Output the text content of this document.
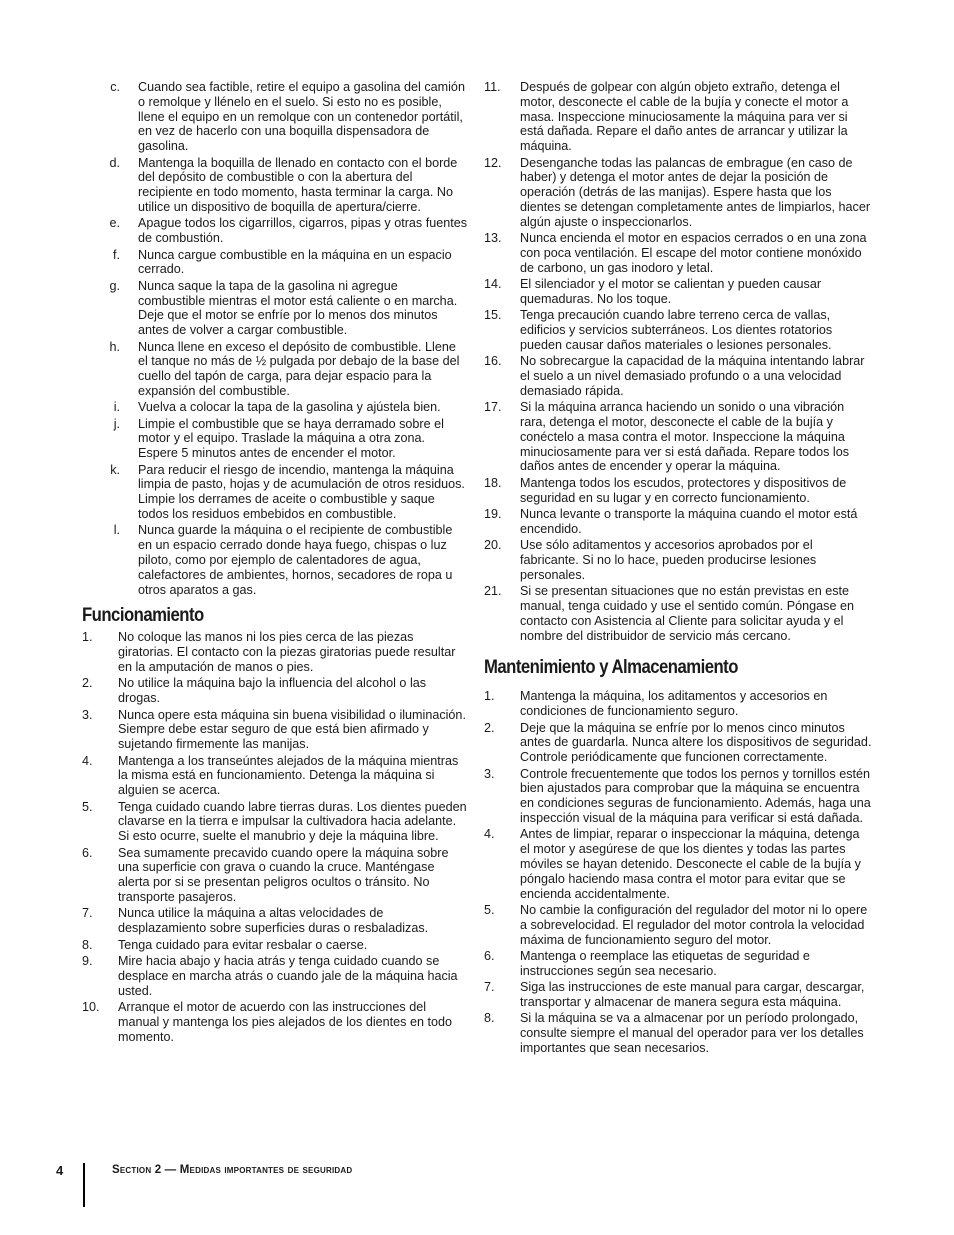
c.	Cuando sea factible, retire el equipo a gasolina del camión o remolque y llénelo en el suelo. Si esto no es posible, llene el equipo en un remolque con un contenedor portátil, en vez de hacerlo con una boquilla dispensadora de gasolina.
d.	Mantenga la boquilla de llenado en contacto con el borde del depósito de combustible o con la abertura del recipiente en todo momento, hasta terminar la carga. No utilice un dispositivo de boquilla de apertura/cierre.
e.	Apague todos los cigarrillos, cigarros, pipas y otras fuentes de combustión.
f.	Nunca cargue combustible en la máquina en un espacio cerrado.
g.	Nunca saque la tapa de la gasolina ni agregue combustible mientras el motor está caliente o en marcha. Deje que el motor se enfríe por lo menos dos minutos antes de volver a cargar combustible.
h.	Nunca llene en exceso el depósito de combustible. Llene el tanque no más de ½ pulgada por debajo de la base del cuello del tapón de carga, para dejar espacio para la expansión del combustible.
i.	Vuelva a colocar la tapa de la gasolina y ajústela bien.
j.	Limpie el combustible que se haya derramado sobre el motor y el equipo. Traslade la máquina a otra zona. Espere 5 minutos antes de encender el motor.
k.	Para reducir el riesgo de incendio, mantenga la máquina limpia de pasto, hojas y de acumulación de otros residuos. Limpie los derrames de aceite o combustible y saque todos los residuos embebidos en combustible.
l.	Nunca guarde la máquina o el recipiente de combustible en un espacio cerrado donde haya fuego, chispas o luz piloto, como por ejemplo de calentadores de agua, calefactores de ambientes, hornos, secadores de ropa u otros aparatos a gas.
Funcionamiento
1.	No coloque las manos ni los pies cerca de las piezas giratorias. El contacto con la piezas giratorias puede resultar en la amputación de manos o pies.
2.	No utilice la máquina bajo la influencia del alcohol o las drogas.
3.	Nunca opere esta máquina sin buena visibilidad o iluminación. Siempre debe estar seguro de que está bien afirmado y sujetando firmemente las manijas.
4.	Mantenga a los transeúntes alejados de la máquina mientras la misma está en funcionamiento. Detenga la máquina si alguien se acerca.
5.	Tenga cuidado cuando labre tierras duras. Los dientes pueden clavarse en la tierra e impulsar la cultivadora hacia adelante. Si esto ocurre, suelte el manubrio y deje la máquina libre.
6.	Sea sumamente precavido cuando opere la máquina sobre una superficie con grava o cuando la cruce. Manténgase alerta por si se presentan peligros ocultos o tránsito. No transporte pasajeros.
7.	Nunca utilice la máquina a altas velocidades de desplazamiento sobre superficies duras o resbaladizas.
8.	Tenga cuidado para evitar resbalar o caerse.
9.	Mire hacia abajo y hacia atrás y tenga cuidado cuando se desplace en marcha atrás o cuando jale de la máquina hacia usted.
10.	Arranque el motor de acuerdo con las instrucciones del manual y mantenga los pies alejados de los dientes en todo momento.
11.	Después de golpear con algún objeto extraño, detenga el motor, desconecte el cable de la bujía y conecte el motor a masa. Inspeccione minuciosamente la máquina para ver si está dañada. Repare el daño antes de arrancar y utilizar la máquina.
12.	Desenganche todas las palancas de embrague (en caso de haber) y detenga el motor antes de dejar la posición de operación (detrás de las manijas). Espere hasta que los dientes se detengan completamente antes de limpiarlos, hacer algún ajuste o inspeccionarlos.
13.	Nunca encienda el motor en espacios cerrados o en una zona con poca ventilación. El escape del motor contiene monóxido de carbono, un gas inodoro y letal.
14.	El silenciador y el motor se calientan y pueden causar quemaduras. No los toque.
15.	Tenga precaución cuando labre terreno cerca de vallas, edificios y servicios subterráneos. Los dientes rotatorios pueden causar daños materiales o lesiones personales.
16.	No sobrecargue la capacidad de la máquina intentando labrar el suelo a un nivel demasiado profundo o a una velocidad demasiado rápida.
17.	Si la máquina arranca haciendo un sonido o una vibración rara, detenga el motor, desconecte el cable de la bujía y conéctelo a masa contra el motor. Inspeccione la máquina minuciosamente para ver si está dañada. Repare todos los daños antes de encender y operar la máquina.
18.	Mantenga todos los escudos, protectores y dispositivos de seguridad en su lugar y en correcto funcionamiento.
19.	Nunca levante o transporte la máquina cuando el motor está encendido.
20.	Use sólo aditamentos y accesorios aprobados por el fabricante. Si no lo hace, pueden producirse lesiones personales.
21.	Si se presentan situaciones que no están previstas en este manual, tenga cuidado y use el sentido común. Póngase en contacto con Asistencia al Cliente para solicitar ayuda y el nombre del distribuidor de servicio más cercano.
Mantenimiento y Almacenamiento
1.	Mantenga la máquina, los aditamentos y accesorios en condiciones de funcionamiento seguro.
2.	Deje que la máquina se enfríe por lo menos cinco minutos antes de guardarla. Nunca altere los dispositivos de seguridad. Controle periódicamente que funcionen correctamente.
3.	Controle frecuentemente que todos los pernos y tornillos estén bien ajustados para comprobar que la máquina se encuentra en condiciones seguras de funcionamiento. Además, haga una inspección visual de la máquina para verificar si está dañada.
4.	Antes de limpiar, reparar o inspeccionar la máquina, detenga el motor y asegúrese de que los dientes y todas las partes móviles se hayan detenido. Desconecte el cable de la bujía y póngalo haciendo masa contra el motor para evitar que se encienda accidentalmente.
5.	No cambie la configuración del regulador del motor ni lo opere a sobrevelocidad. El regulador del motor controla la velocidad máxima de funcionamiento seguro del motor.
6.	Mantenga o reemplace las etiquetas de seguridad e instrucciones según sea necesario.
7.	Siga las instrucciones de este manual para cargar, descargar, transportar y almacenar de manera segura esta máquina.
8.	Si la máquina se va a almacenar por un período prolongado, consulte siempre el manual del operador para ver los detalles importantes que sean necesarios.
4	Section 2 — Medidas importantes de seguridad
